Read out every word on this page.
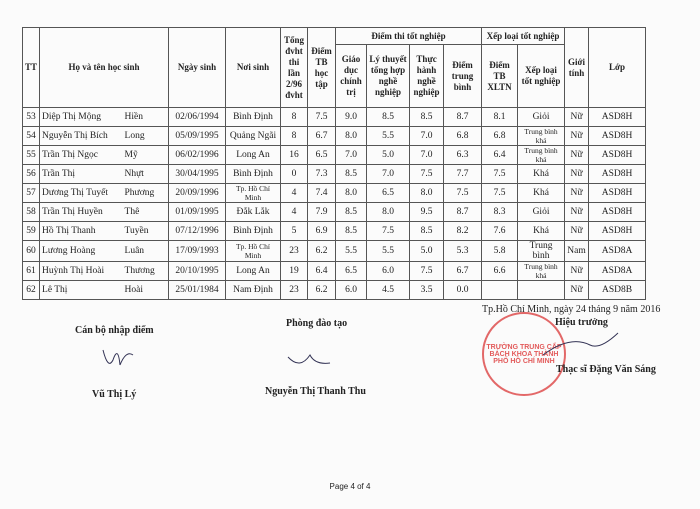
TT	Họ và tên học sinh		Ngày sinh	Nơi sinh	Tổng đvht thi lần 2/96 đvht	Điểm TB học tập	Điểm thi tốt nghiệp				Xếp loại tốt nghiệp		Giới tính	Lớp
							Giáo dục chính trị	Lý thuyết tổng hợp nghề nghiệp	Thực hành nghề nghiệp	Điểm trung bình	Điểm TB XLTN	Xếp loại tốt nghiệp		
53	Diệp Thị Mộng	Hiền	02/06/1994	Bình Định	8	7.5	9.0	8.5	8.5	8.7	8.1	Giỏi	Nữ	ASD8H
54	Nguyễn Thị Bích	Long	05/09/1995	Quảng Ngãi	8	6.7	8.0	5.5	7.0	6.8	6.8	Trung bình khá	Nữ	ASD8H
55	Trần Thị Ngọc	Mỹ	06/02/1996	Long An	16	6.5	7.0	5.0	7.0	6.3	6.4	Trung bình khá	Nữ	ASD8H
56	Trần Thị	Nhựt	30/04/1995	Bình Định	0	7.3	8.5	7.0	7.5	7.7	7.5	Khá	Nữ	ASD8H
57	Dương Thị Tuyết	Phương	20/09/1996	Tp. Hồ Chí Minh	4	7.4	8.0	6.5	8.0	7.5	7.5	Khá	Nữ	ASD8H
58	Trần Thị Huyền	Thê	01/09/1995	Đắk Lắk	4	7.9	8.5	8.0	9.5	8.7	8.3	Giỏi	Nữ	ASD8H
59	Hồ Thị Thanh	Tuyền	07/12/1996	Bình Định	5	6.9	8.5	7.5	8.5	8.2	7.6	Khá	Nữ	ASD8H
60	Lương Hoàng	Luân	17/09/1993	Tp. Hồ Chí Minh	23	6.2	5.5	5.5	5.0	5.3	5.8	Trung bình	Nam	ASD8A
61	Huỳnh Thị Hoài	Thương	20/10/1995	Long An	19	6.4	6.5	6.0	7.5	6.7	6.6	Trung bình khá	Nữ	ASD8A
62	Lê Thị	Hoài	25/01/1984	Nam Định	23	6.2	6.0	4.5	3.5	0.0			Nữ	ASD8B
Tp.Hồ Chí Minh, ngày 24 tháng 9 năm 2016
Cán bộ nhập điểm
Phòng đào tạo	Hiệu trưởng
TRƯỜNG TRUNG CẤP BÁCH KHOA THÀNH PHỐ HỒ CHÍ MINH
Vũ Thị Lý	Nguyễn Thị Thanh Thu
Thạc sĩ Đặng Văn Sáng
Page 4 of 4
